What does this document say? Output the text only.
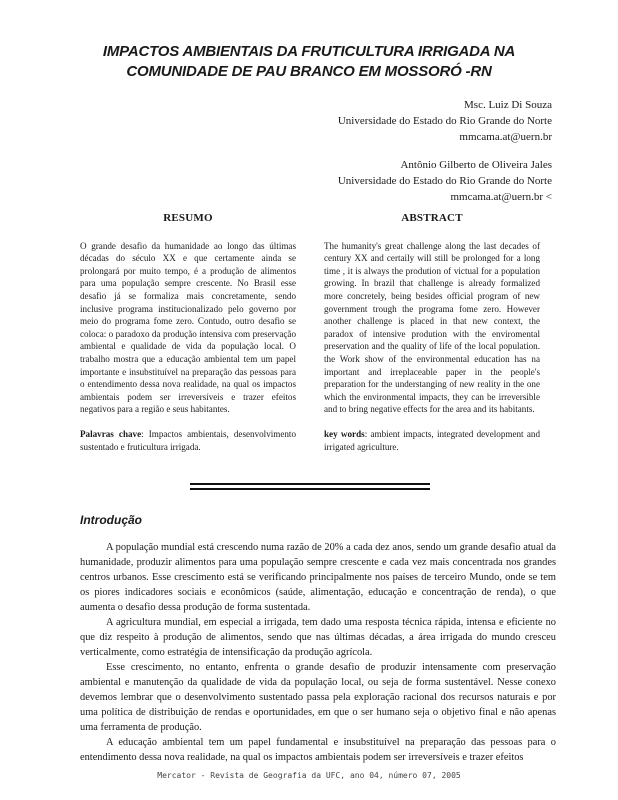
IMPACTOS AMBIENTAIS DA FRUTICULTURA IRRIGADA NA
COMUNIDADE DE PAU BRANCO EM MOSSORÓ -RN
Msc. Luiz Di Souza
Universidade do Estado do Rio Grande do Norte
mmcama.at@uern.br
Antônio Gilberto de Oliveira Jales
Universidade do Estado do Rio Grande do Norte
mmcama.at@uern.br <
RESUMO

O grande desafio da humanidade ao longo das últimas décadas do século XX e que certamente ainda se prolongará por muito tempo, é a produção de alimentos para uma população sempre crescente. No Brasil esse desafio já se formaliza mais concretamente, sendo inclusive programa institucionalizado pelo governo por meio do programa fome zero. Contudo, outro desafio se coloca: o paradoxo da produção intensiva com preservação ambiental e qualidade de vida da população local. O trabalho mostra que a educação ambiental tem um papel importante e insubstituível na preparação das pessoas para o entendimento dessa nova realidade, na qual os impactos ambientais podem ser irreversíveis e trazer efeitos negativos para a região e seus habitantes.

Palavras chave: Impactos ambientais, desenvolvimento sustentado e fruticultura irrigada.

ABSTRACT

The humanity's great challenge along the last decades of century XX and certaily will still be prolonged for a long time , it is always the prodution of victual for a population growing. In brazil that challenge is already formalized more concretely, being besides official program of new government trough the programa fome zero. However another challenge is placed in that new context, the paradox of intensive prodution with the enviromental preservation and the quality of life of the local population. the Work show of the environmental education has na important and irreplaceable paper in the people's preparation for the understanging of new reality in the one which the environmental impacts, they can be irreversible and to bring negative effects for the area and its habitants.

key words: ambient impacts, integrated development and irrigated agriculture.

Introdução

A população mundial está crescendo numa razão de 20% a cada dez anos, sendo um grande desafio atual da humanidade, produzir alimentos para uma população sempre crescente e cada vez mais concentrada nos grandes centros urbanos. Esse crescimento está se verificando principalmente nos países de terceiro Mundo, onde se tem os piores indicadores sociais e econômicos (saúde, alimentação, educação e concentração de renda), o que aumenta o desafio dessa produção de forma sustentada.

A agricultura mundial, em especial a irrigada, tem dado uma resposta técnica rápida, intensa e eficiente no que diz respeito à produção de alimentos, sendo que nas últimas décadas, a área irrigada do mundo cresceu verticalmente, como estratégia de intensificação da produção agrícola.

Esse crescimento, no entanto, enfrenta o grande desafio de produzir intensamente com preservação ambiental e manutenção da qualidade de vida da população local, ou seja de forma sustentável. Nesse conexo devemos lembrar que o desenvolvimento sustentado passa pela exploração racional dos recursos naturais e por uma política de distribuição de rendas e oportunidades, em que o ser humano seja o objetivo final e não apenas uma ferramenta de produção.

A educação ambiental tem um papel fundamental e insubstituível na preparação das pessoas para o entendimento dessa nova realidade, na qual os impactos ambientais podem ser irreversíveis e trazer efeitos

Mercator - Revista de Geografia da UFC, ano 04, número 07, 2005
